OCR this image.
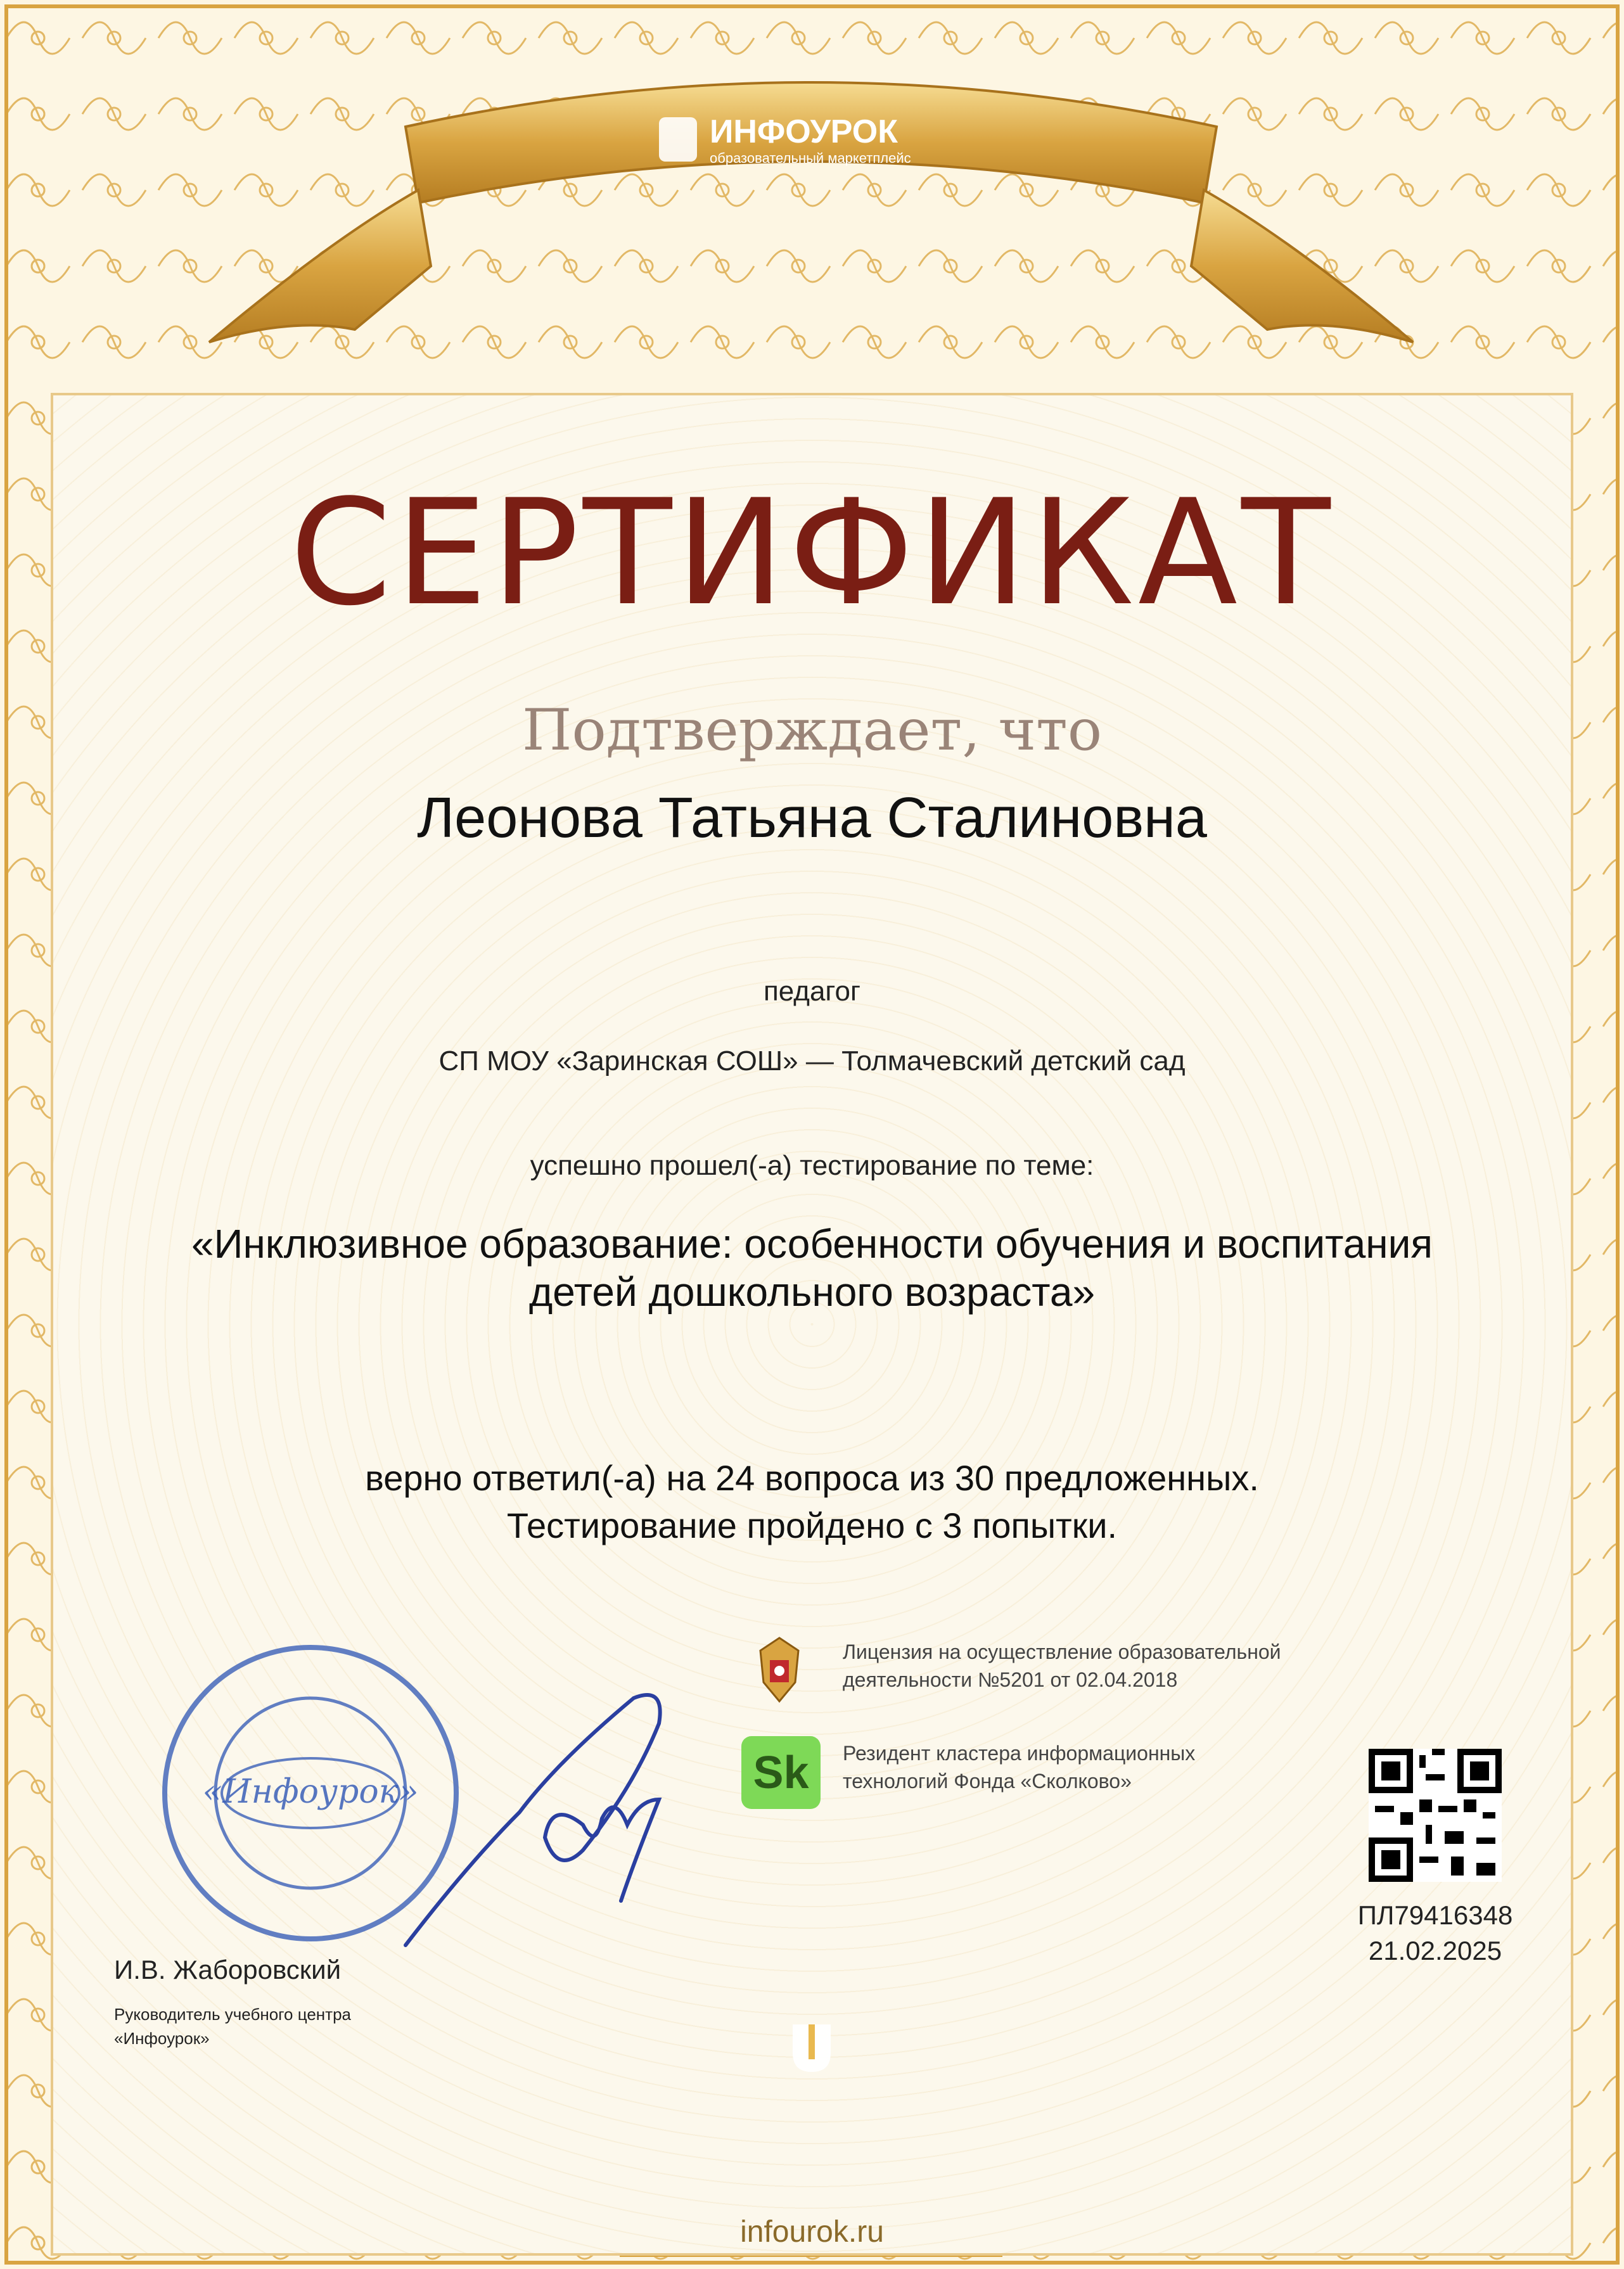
ИНФОУРОК
образовательный маркетплейс
СЕРТИФИКАТ
Подтверждает, что
Леонова Татьяна Сталиновна
педагог
СП МОУ «Заринская СОШ» — Толмачевский детский сад
успешно прошел(-а) тестирование по теме:
«Инклюзивное образование: особенности обучения и воспитания
детей дошкольного возраста»
верно ответил(-а) на 24 вопроса из 30 предложенных.
Тестирование пройдено с 3 попытки.
Лицензия на осуществление образовательной
деятельности №5201 от 02.04.2018
Sk	Резидент кластера информационных
технологий Фонда «Сколково»
ПЛ79416348
21.02.2025
«Инфоурок»
И.В. Жаборовский
Руководитель учебного центра
«Инфоурок»
infourok.ru
